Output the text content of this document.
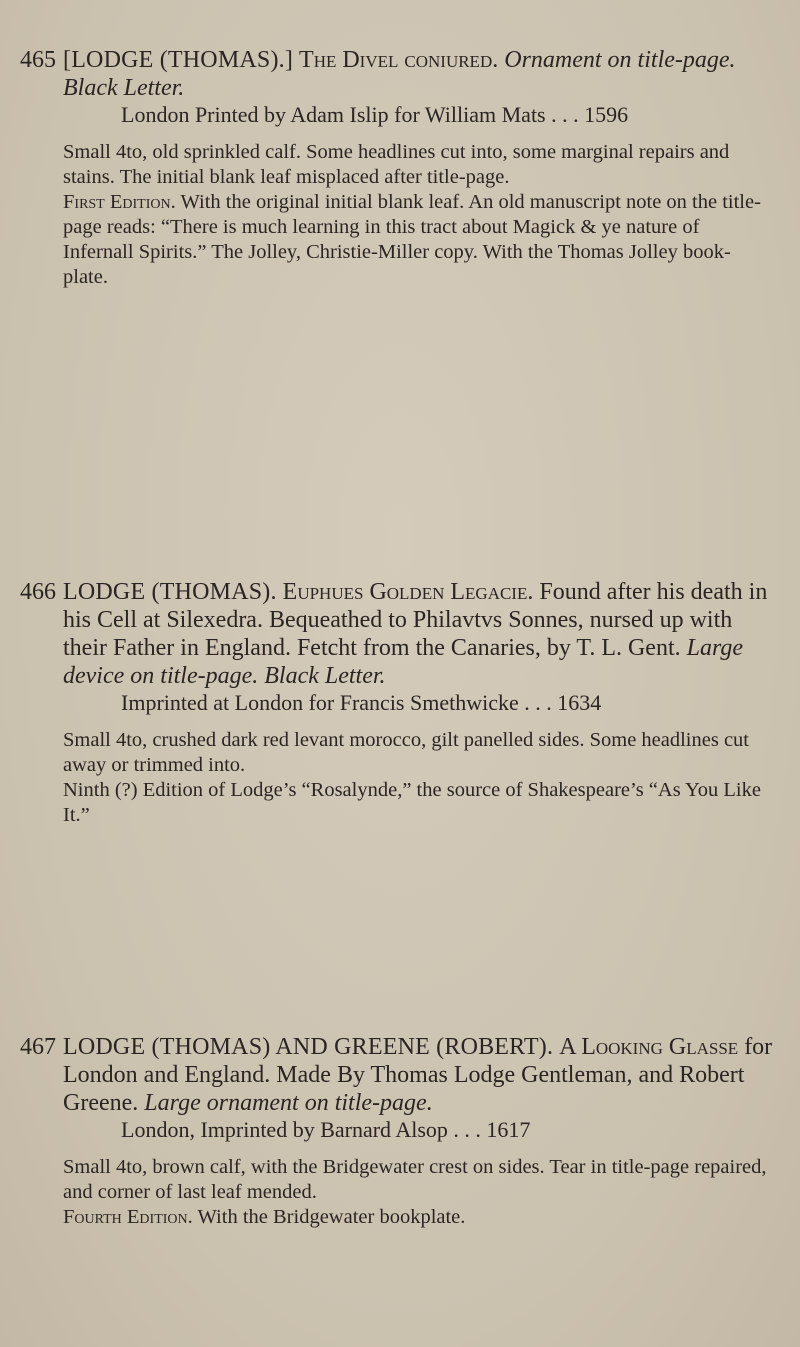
465 [LODGE (THOMAS).] The Divel coniured. Ornament on title-page. Black Letter.

London Printed by Adam Islip for William Mats . . . 1596

Small 4to, old sprinkled calf. Some headlines cut into, some marginal repairs and stains. The initial blank leaf misplaced after title-page.

First Edition. With the original initial blank leaf. An old manuscript note on the title-page reads: “There is much learning in this tract about Magick & ye nature of Infernall Spirits.” The Jolley, Christie-Miller copy. With the Thomas Jolley book-plate.

466 LODGE (THOMAS). Euphues Golden Legacie. Found after his death in his Cell at Silexedra. Bequeathed to Philavtvs Sonnes, nursed up with their Father in England. Fetcht from the Canaries, by T. L. Gent. Large device on title-page. Black Letter.

Imprinted at London for Francis Smethwicke . . . 1634

Small 4to, crushed dark red levant morocco, gilt panelled sides. Some headlines cut away or trimmed into.

Ninth (?) Edition of Lodge’s “Rosalynde,” the source of Shakespeare’s “As You Like It.”

467 LODGE (THOMAS) AND GREENE (ROBERT). A Looking Glasse for London and England. Made By Thomas Lodge Gentleman, and Robert Greene. Large ornament on title-page.

London, Imprinted by Barnard Alsop . . . 1617

Small 4to, brown calf, with the Bridgewater crest on sides. Tear in title-page repaired, and corner of last leaf mended.

Fourth Edition. With the Bridgewater bookplate.
